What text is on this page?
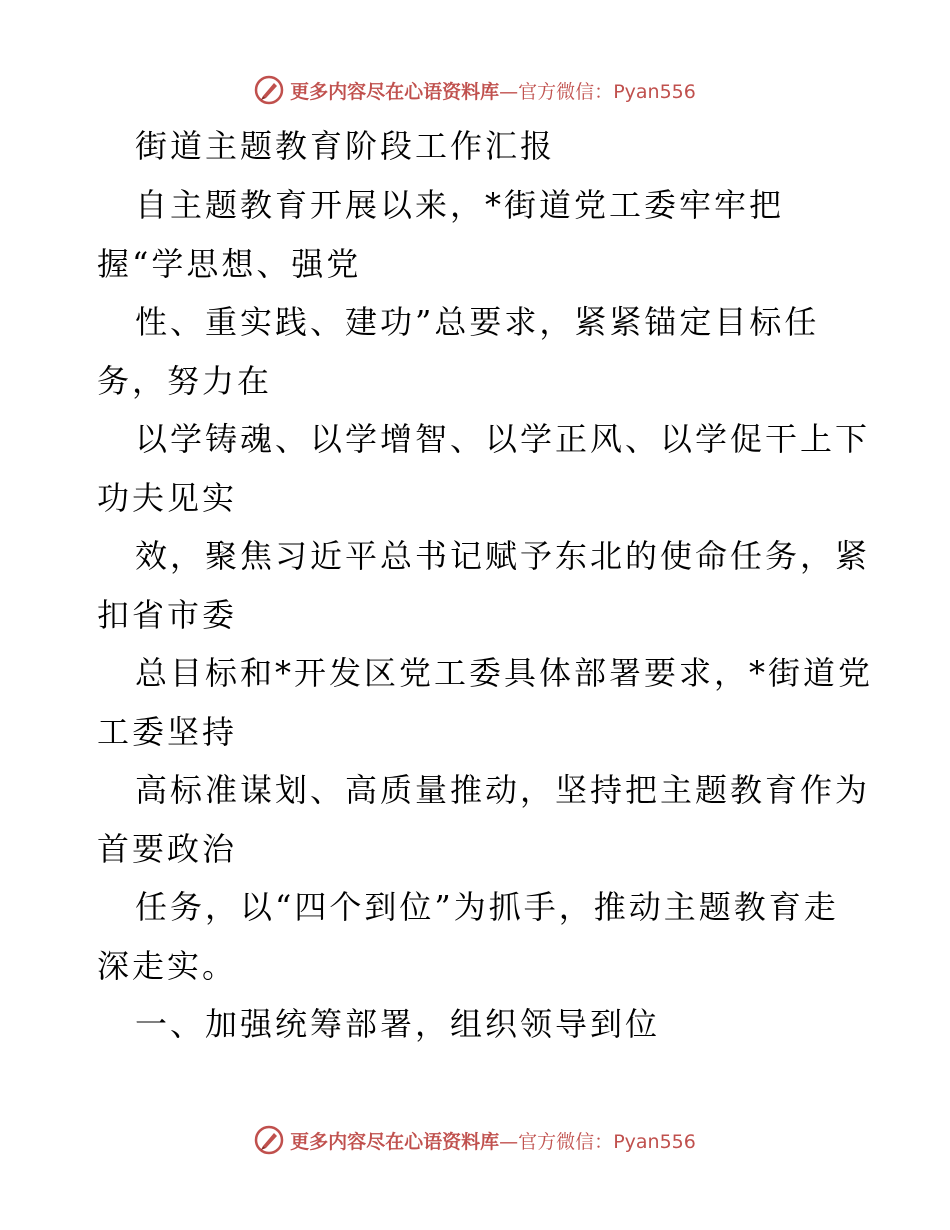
更多内容尽在心语资料库—官方微信：Pyan556
街道主题教育阶段工作汇报
自主题教育开展以来，*街道党工委牢牢把
握“学思想、强党
性、重实践、建功”总要求，紧紧锚定目标任
务，努力在
以学铸魂、以学增智、以学正风、以学促干上下
功夫见实
效，聚焦习近平总书记赋予东北的使命任务，紧
扣省市委
总目标和*开发区党工委具体部署要求，*街道党
工委坚持
高标准谋划、高质量推动，坚持把主题教育作为
首要政治
任务，以“四个到位”为抓手，推动主题教育走
深走实。
一、加强统筹部署，组织领导到位
更多内容尽在心语资料库—官方微信：Pyan556
